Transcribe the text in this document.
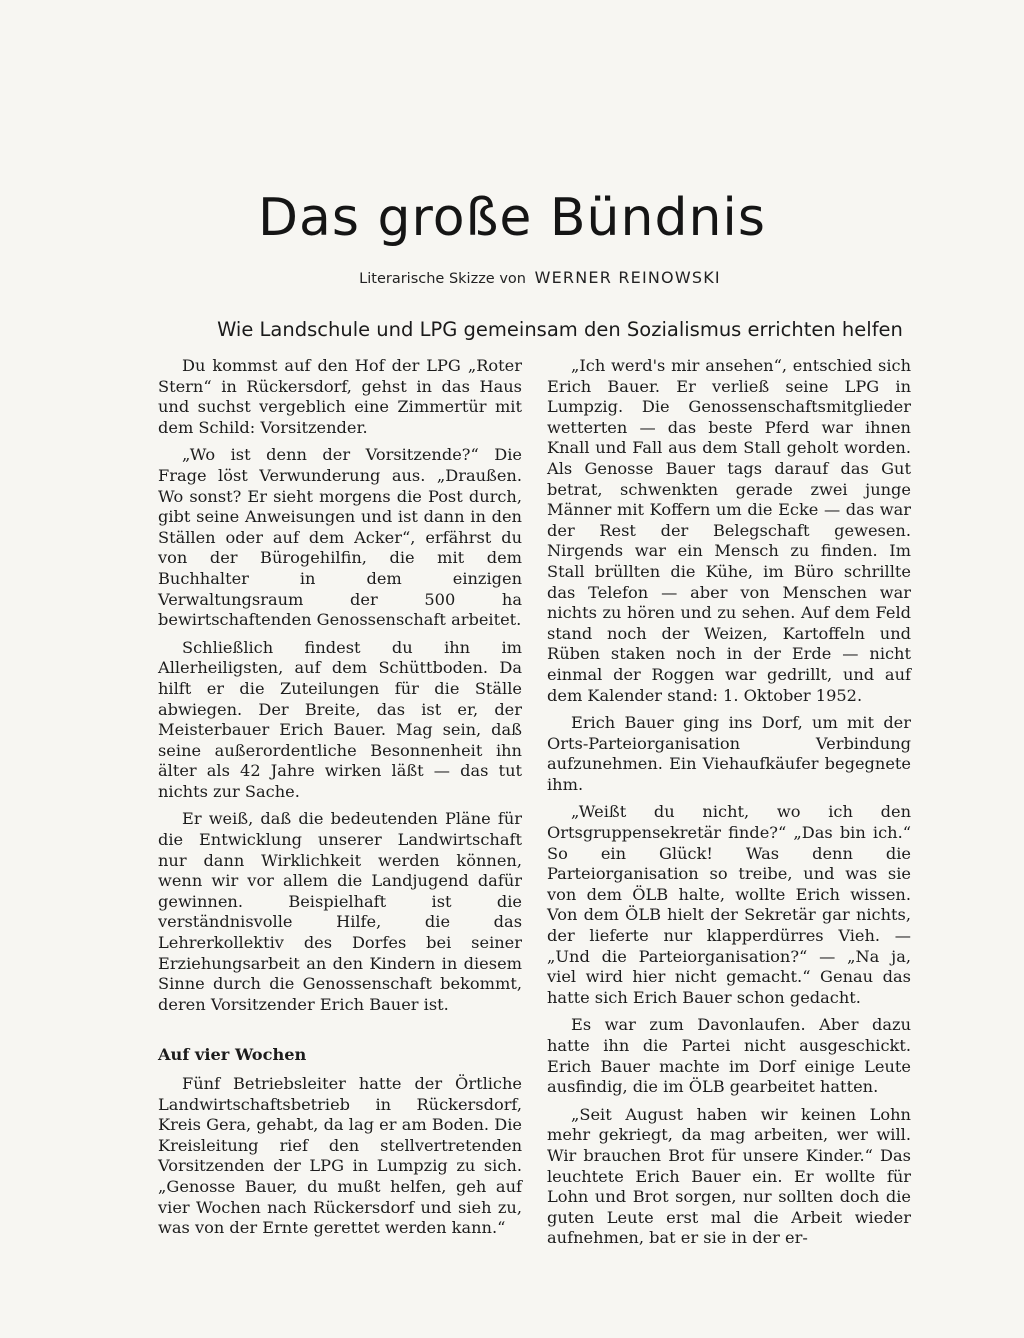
Das große Bündnis
Literarische Skizze von WERNER REINOWSKI
Wie Landschule und LPG gemeinsam den Sozialismus errichten helfen

Du kommst auf den Hof der LPG „Roter Stern“ in Rückersdorf, gehst in das Haus und suchst vergeblich eine Zimmertür mit dem Schild: Vorsitzender.

„Wo ist denn der Vorsitzende?“ Die Frage löst Verwunderung aus. „Draußen. Wo sonst? Er sieht morgens die Post durch, gibt seine Anweisungen und ist dann in den Ställen oder auf dem Acker“, erfährst du von der Bürogehilfin, die mit dem Buchhalter in dem einzigen Verwaltungsraum der 500 ha bewirtschaftenden Genossenschaft arbeitet.

Schließlich findest du ihn im Allerheiligsten, auf dem Schüttboden. Da hilft er die Zuteilungen für die Ställe abwiegen. Der Breite, das ist er, der Meisterbauer Erich Bauer. Mag sein, daß seine außerordentliche Besonnenheit ihn älter als 42 Jahre wirken läßt — das tut nichts zur Sache.

Er weiß, daß die bedeutenden Pläne für die Entwicklung unserer Landwirtschaft nur dann Wirklichkeit werden können, wenn wir vor allem die Landjugend dafür gewinnen. Beispielhaft ist die verständnisvolle Hilfe, die das Lehrerkollektiv des Dorfes bei seiner Erziehungsarbeit an den Kindern in diesem Sinne durch die Genossenschaft bekommt, deren Vorsitzender Erich Bauer ist.

Auf vier Wochen

Fünf Betriebsleiter hatte der Örtliche Landwirtschaftsbetrieb in Rückersdorf, Kreis Gera, gehabt, da lag er am Boden. Die Kreisleitung rief den stellvertretenden Vorsitzenden der LPG in Lumpzig zu sich. „Genosse Bauer, du mußt helfen, geh auf vier Wochen nach Rückersdorf und sieh zu, was von der Ernte gerettet werden kann.“

„Ich werd's mir ansehen“, entschied sich Erich Bauer. Er verließ seine LPG in Lumpzig. Die Genossenschaftsmitglieder wetterten — das beste Pferd war ihnen Knall und Fall aus dem Stall geholt worden. Als Genosse Bauer tags darauf das Gut betrat, schwenkten gerade zwei junge Männer mit Koffern um die Ecke — das war der Rest der Belegschaft gewesen. Nirgends war ein Mensch zu finden. Im Stall brüllten die Kühe, im Büro schrillte das Telefon — aber von Menschen war nichts zu hören und zu sehen. Auf dem Feld stand noch der Weizen, Kartoffeln und Rüben staken noch in der Erde — nicht einmal der Roggen war gedrillt, und auf dem Kalender stand: 1. Oktober 1952.

Erich Bauer ging ins Dorf, um mit der Orts-Parteiorganisation Verbindung aufzunehmen. Ein Viehaufkäufer begegnete ihm.

„Weißt du nicht, wo ich den Ortsgruppensekretär finde?“ „Das bin ich.“ So ein Glück! Was denn die Parteiorganisation so treibe, und was sie von dem ÖLB halte, wollte Erich wissen. Von dem ÖLB hielt der Sekretär gar nichts, der lieferte nur klapperdürres Vieh. — „Und die Parteiorganisation?“ — „Na ja, viel wird hier nicht gemacht.“ Genau das hatte sich Erich Bauer schon gedacht.

Es war zum Davonlaufen. Aber dazu hatte ihn die Partei nicht ausgeschickt. Erich Bauer machte im Dorf einige Leute ausfindig, die im ÖLB gearbeitet hatten.

„Seit August haben wir keinen Lohn mehr gekriegt, da mag arbeiten, wer will. Wir brauchen Brot für unsere Kinder.“ Das leuchtete Erich Bauer ein. Er wollte für Lohn und Brot sorgen, nur sollten doch die guten Leute erst mal die Arbeit wieder aufnehmen, bat er sie in der er-
